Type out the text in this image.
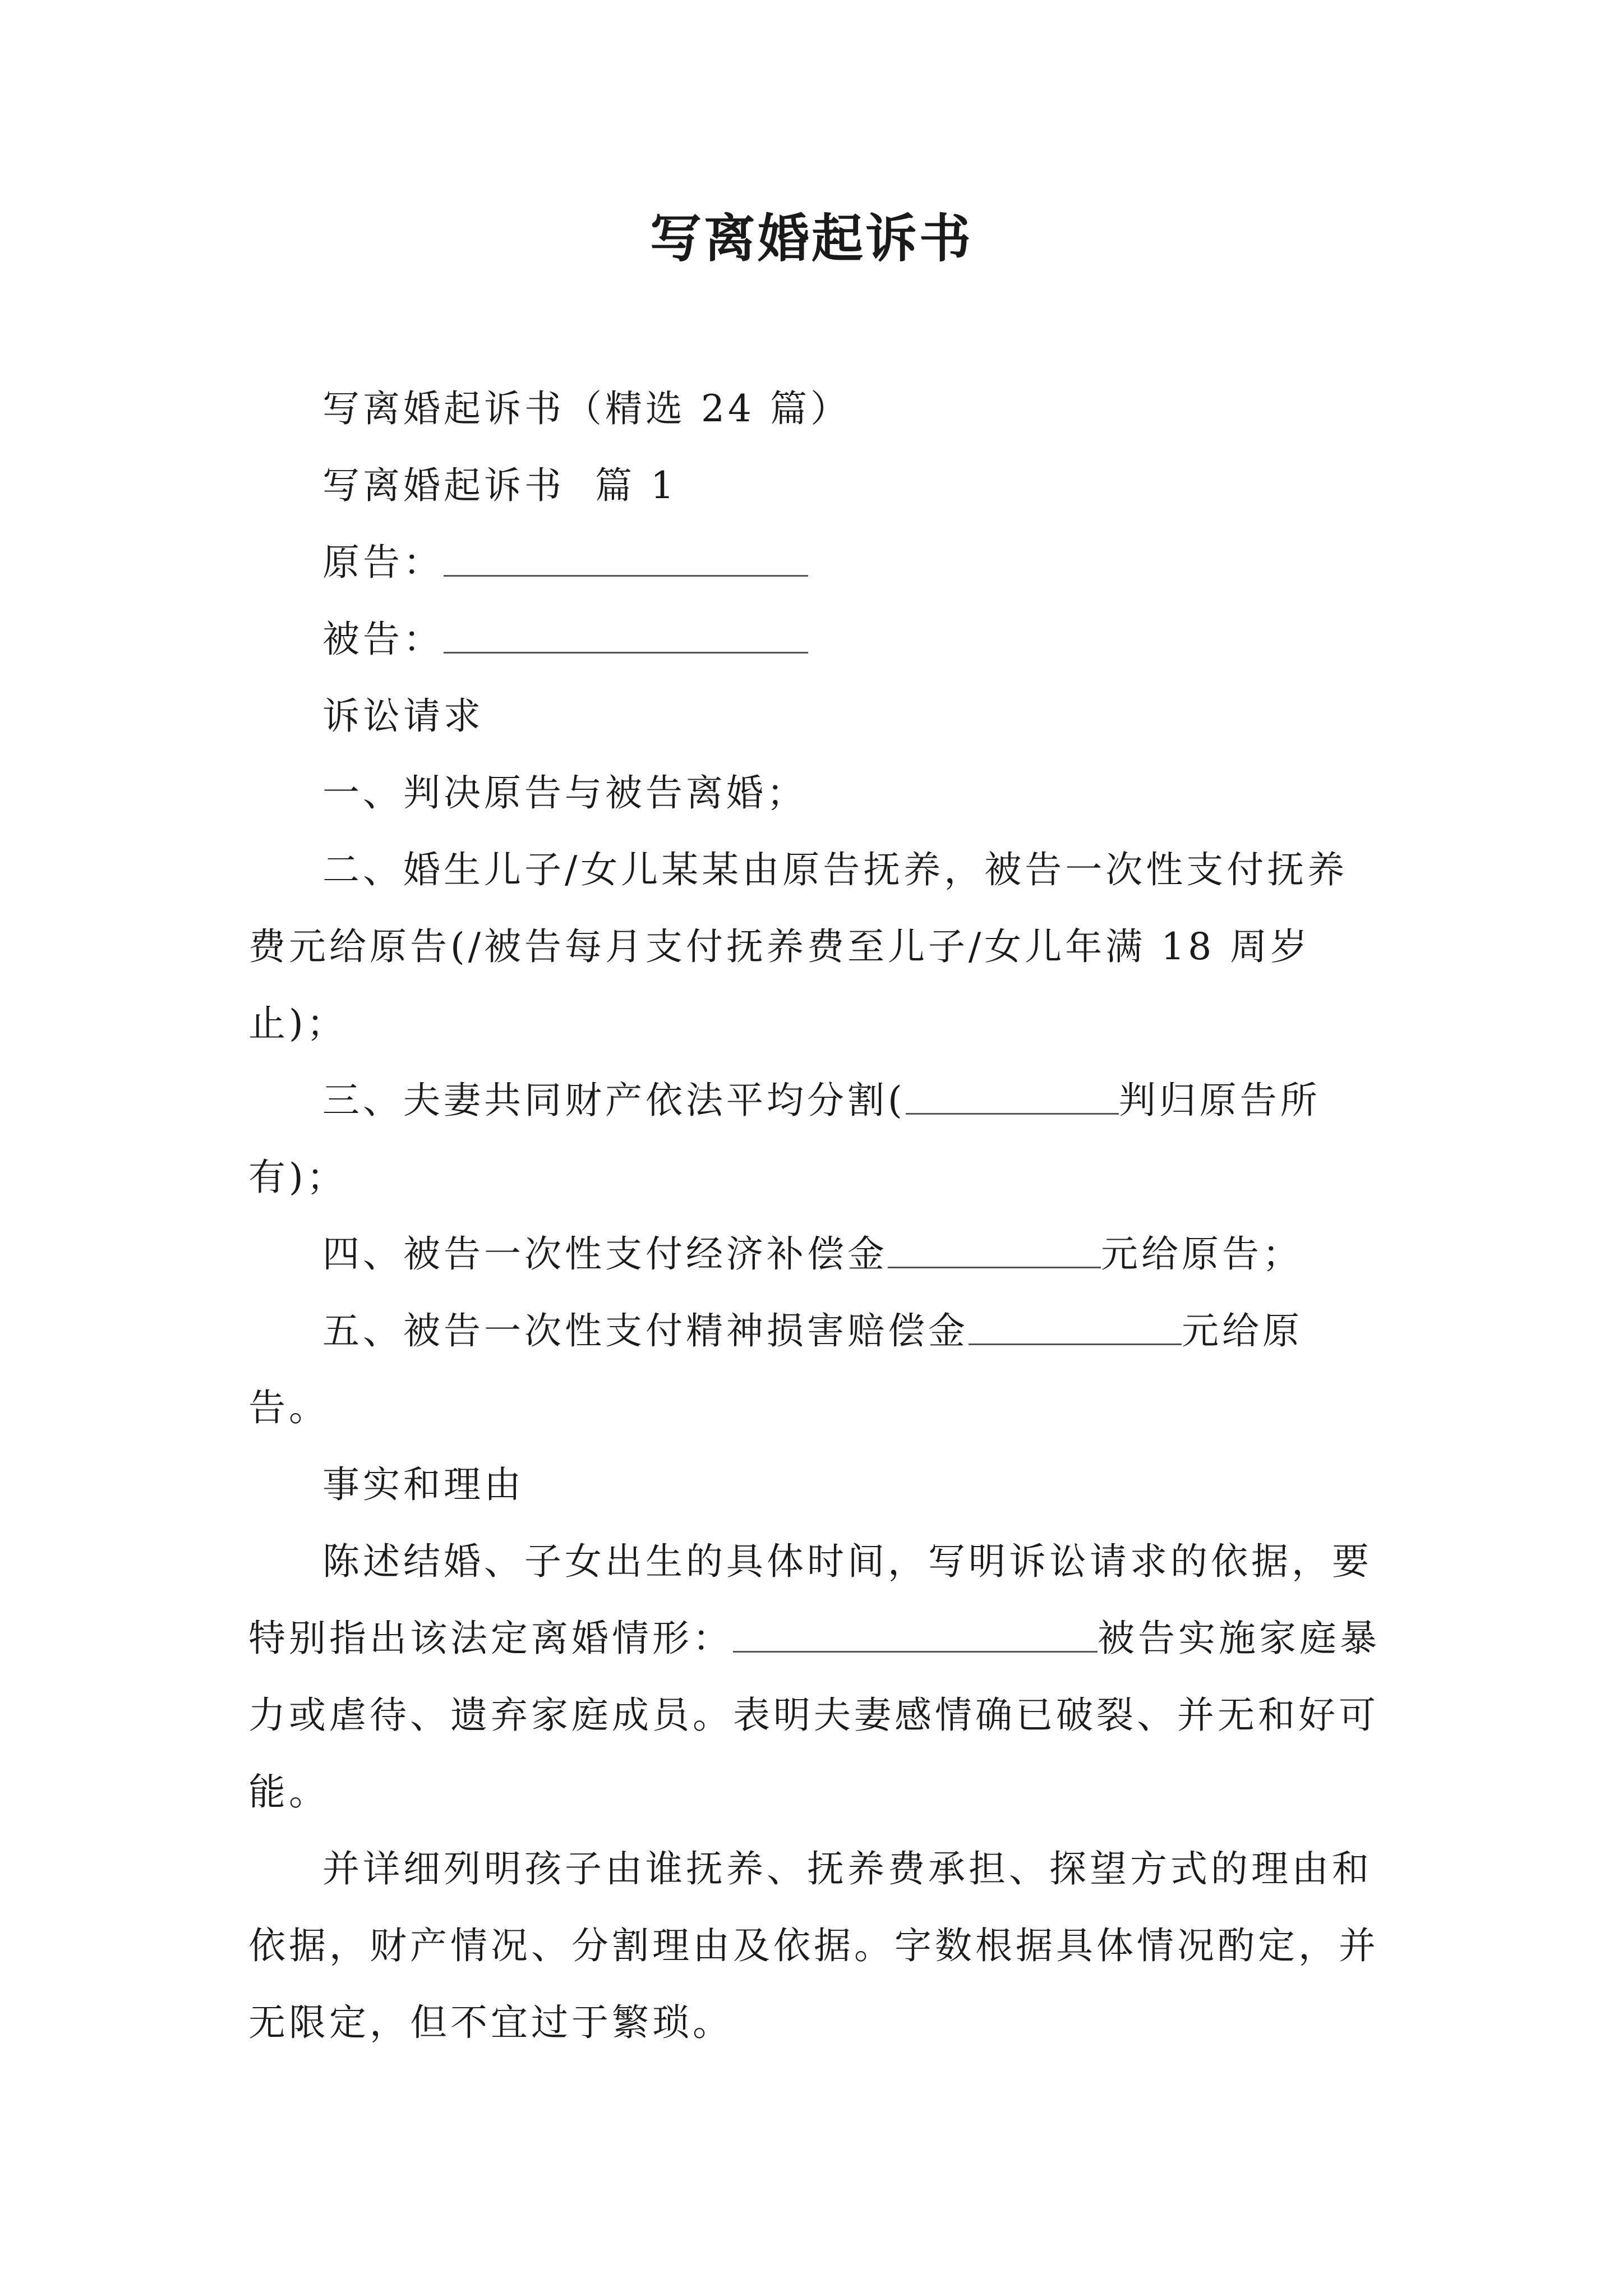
写离婚起诉书

写离婚起诉书（精选 24 篇）

写离婚起诉书  篇 1

原告：

被告：

诉讼请求

一、判决原告与被告离婚；

二、婚生儿子/女儿某某由原告抚养，被告一次性支付抚养费元给原告(/被告每月支付抚养费至儿子/女儿年满 18 周岁止)；

三、夫妻共同财产依法平均分割(	判归原告所有)；

四、被告一次性支付经济补偿金	元给原告；

五、被告一次性支付精神损害赔偿金	元给原告。

事实和理由

陈述结婚、子女出生的具体时间，写明诉讼请求的依据，要特别指出该法定离婚情形：	被告实施家庭暴力或虐待、遗弃家庭成员。表明夫妻感情确已破裂、并无和好可能。

并详细列明孩子由谁抚养、抚养费承担、探望方式的理由和依据，财产情况、分割理由及依据。字数根据具体情况酌定，并无限定，但不宜过于繁琐。
